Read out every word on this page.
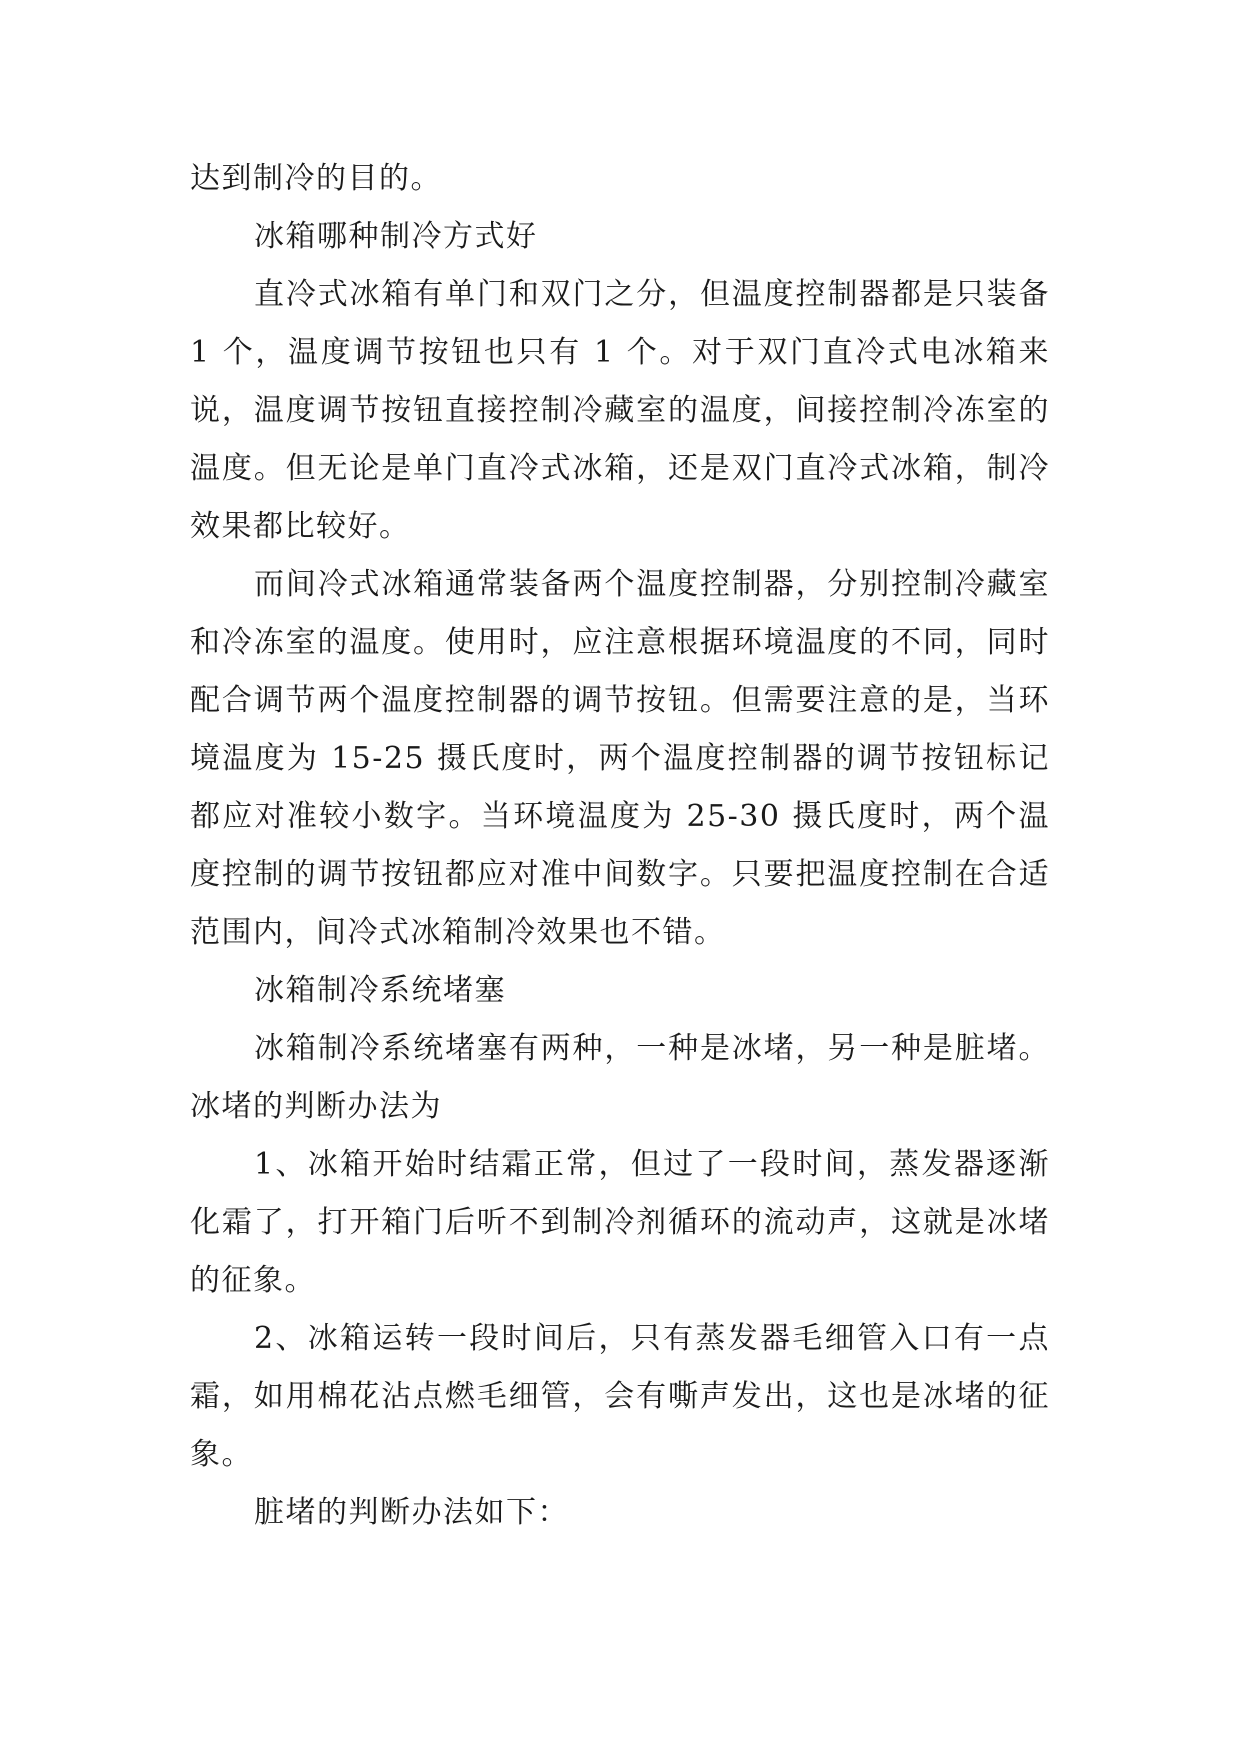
达到制冷的目的。

冰箱哪种制冷方式好

直冷式冰箱有单门和双门之分，但温度控制器都是只装备 1 个，温度调节按钮也只有 1 个。对于双门直冷式电冰箱来说，温度调节按钮直接控制冷藏室的温度，间接控制冷冻室的温度。但无论是单门直冷式冰箱，还是双门直冷式冰箱，制冷效果都比较好。

而间冷式冰箱通常装备两个温度控制器，分别控制冷藏室和冷冻室的温度。使用时，应注意根据环境温度的不同，同时配合调节两个温度控制器的调节按钮。但需要注意的是，当环境温度为 15-25 摄氏度时，两个温度控制器的调节按钮标记都应对准较小数字。当环境温度为 25-30 摄氏度时，两个温度控制的调节按钮都应对准中间数字。只要把温度控制在合适范围内，间冷式冰箱制冷效果也不错。

冰箱制冷系统堵塞

冰箱制冷系统堵塞有两种，一种是冰堵，另一种是脏堵。冰堵的判断办法为

1、冰箱开始时结霜正常，但过了一段时间，蒸发器逐渐化霜了，打开箱门后听不到制冷剂循环的流动声，这就是冰堵的征象。

2、冰箱运转一段时间后，只有蒸发器毛细管入口有一点霜，如用棉花沾点燃毛细管，会有嘶声发出，这也是冰堵的征象。

脏堵的判断办法如下：
